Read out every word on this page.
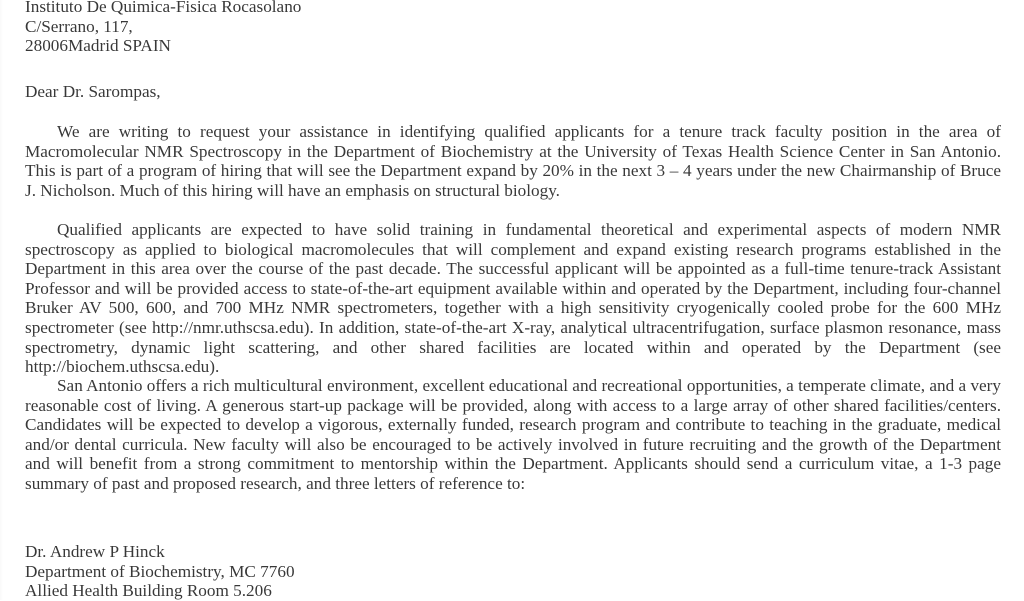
Instituto De Quimica-Fisica Rocasolano
C/Serrano, 117,
28006Madrid SPAIN
Dear Dr. Sarompas,

We are writing to request your assistance in identifying qualified applicants for a tenure track faculty position in the area of Macromolecular NMR Spectroscopy in the Department of Biochemistry at the University of Texas Health Science Center in San Antonio. This is part of a program of hiring that will see the Department expand by 20% in the next 3 – 4 years under the new Chairmanship of Bruce J. Nicholson. Much of this hiring will have an emphasis on structural biology.

Qualified applicants are expected to have solid training in fundamental theoretical and experimental aspects of modern NMR spectroscopy as applied to biological macromolecules that will complement and expand existing research programs established in the Department in this area over the course of the past decade. The successful applicant will be appointed as a full-time tenure-track Assistant Professor and will be provided access to state-of-the-art equipment available within and operated by the Department, including four-channel Bruker AV 500, 600, and 700 MHz NMR spectrometers, together with a high sensitivity cryogenically cooled probe for the 600 MHz spectrometer (see http://nmr.uthscsa.edu). In addition, state-of-the-art X-ray, analytical ultracentrifugation, surface plasmon resonance, mass spectrometry, dynamic light scattering, and other shared facilities are located within and operated by the Department (see http://biochem.uthscsa.edu).

San Antonio offers a rich multicultural environment, excellent educational and recreational opportunities, a temperate climate, and a very reasonable cost of living. A generous start-up package will be provided, along with access to a large array of other shared facilities/centers. Candidates will be expected to develop a vigorous, externally funded, research program and contribute to teaching in the graduate, medical and/or dental curricula. New faculty will also be encouraged to be actively involved in future recruiting and the growth of the Department and will benefit from a strong commitment to mentorship within the Department. Applicants should send a curriculum vitae, a 1-3 page summary of past and proposed research, and three letters of reference to:

Dr. Andrew P Hinck
Department of Biochemistry, MC 7760
Allied Health Building Room 5.206
